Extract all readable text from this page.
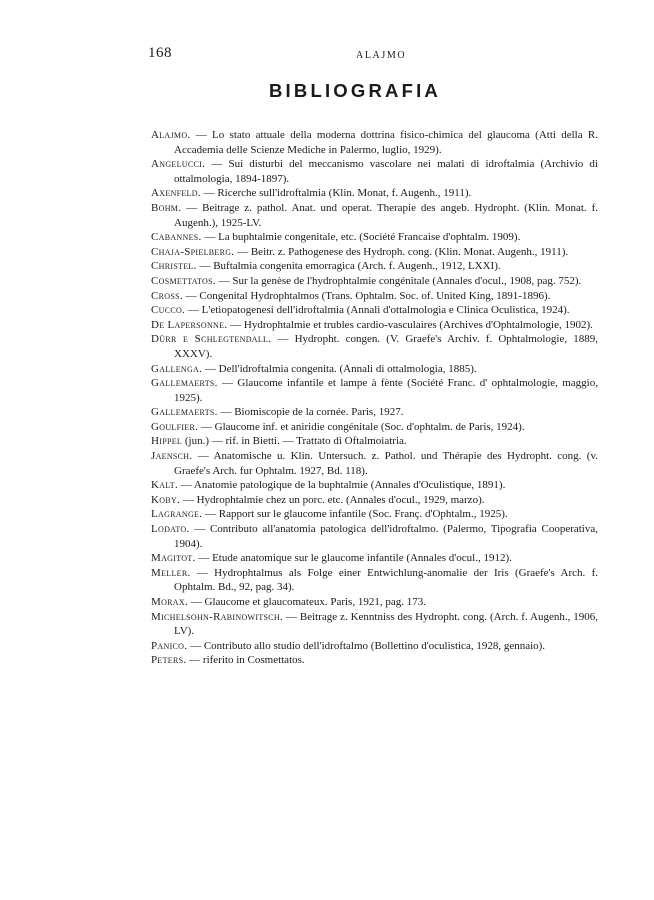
168	ALAJMO
BIBLIOGRAFIA

Alajmo. — Lo stato attuale della moderna dottrina fisico-chimica del glaucoma (Atti della R. Accademia delle Scienze Mediche in Palermo, luglio, 1929).

Angelucci. — Sui disturbi del meccanismo vascolare nei malati di idroftalmia (Archivio di ottalmologia, 1894-1897).

Axenfeld. — Ricerche sull'idroftalmia (Klin. Monat, f. Augenh., 1911).

Bohm. — Beitrage z. pathol. Anat. und operat. Therapie des angeb. Hydropht. (Klin. Monat. f. Augenh.), 1925-LV.

Cabannes. — La buphtalmie congenitale, etc. (Société Francaise d'ophtalm. 1909).

Chaja-Spielberg. — Beitr. z. Pathogenese des Hydroph. cong. (Klin. Monat. Augenh., 1911).

Christel. — Buftalmia congenita emorragica (Arch. f. Augenh., 1912, LXXI).

Cosmettatos. — Sur la genèse de l'hydrophtalmie congénitale (Annales d'ocul., 1908, pag. 752).

Cross. — Congenital Hydrophtalmos (Trans. Ophtalm. Soc. of. United King, 1891-1896).

Cucco. — L'etiopatogenesi dell'idroftalmia (Annali d'ottalmologia e Clinica Oculistica, 1924).

De Lapersonne. — Hydrophtalmie et trubles cardio-vasculaires (Archives d'Ophtalmologie, 1902).

Dürr e Schlegtendall. — Hydropht. congen. (V. Graefe's Archiv. f. Ophtalmologie, 1889, XXXV).

Gallenga. — Dell'idroftalmia congenita. (Annali di ottalmologia, 1885).

Gallemaerts. — Glaucome infantile et lampe à fènte (Société Franc. d' ophtalmologie, maggio, 1925).

Gallemaerts. — Biomiscopie de la cornée. Paris, 1927.

Goulfier. — Glaucome inf. et aniridie congénitale (Soc. d'ophtalm. de Paris, 1924).

Hippel (jun.) — rif. in Bietti. — Trattato di Oftalmoiatria.

Jaensch. — Anatomische u. Klin. Untersuch. z. Pathol. und Thérapie des Hydropht. cong. (v. Graefe's Arch. fur Ophtalm. 1927, Bd. 118).

Kalt. — Anatomie patologique de la buphtalmie (Annales d'Oculistique, 1891).

Koby. — Hydrophtalmie chez un porc. etc. (Annales d'ocul., 1929, marzo).

Lagrange. — Rapport sur le glaucome infantile (Soc. Franç. d'Ophtalm., 1925).

Lodato. — Contributo all'anatomia patologica dell'idroftalmo. (Palermo, Tipografia Cooperativa, 1904).

Magitot. — Etude anatomique sur le glaucome infantile (Annales d'ocul., 1912).

Meller. — Hydrophtalmus als Folge einer Entwichlung-anomalie der Iris (Graefe's Arch. f. Ophtalm. Bd., 92, pag. 34).

Morax. — Glaucome et glaucomateux. Paris, 1921, pag. 173.

Michelsohn-Rabinowitsch. — Beitrage z. Kenntniss des Hydropht. cong. (Arch. f. Augenh., 1906, LV).

Panico. — Contributo allo studio dell'idroftalmo (Bollettino d'oculistica, 1928, gennaio).

Peters. — riferito in Cosmettatos.
